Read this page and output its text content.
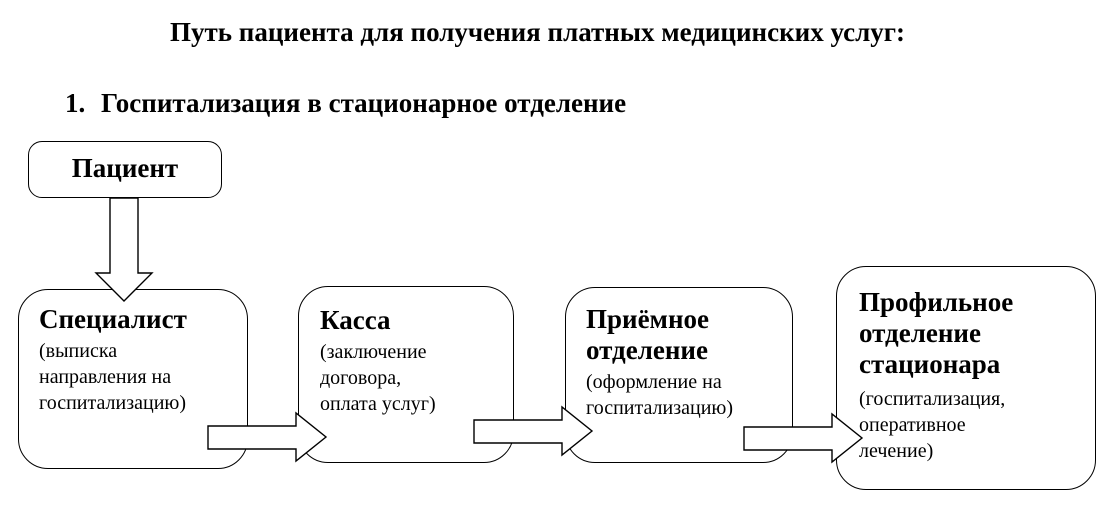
Путь пациента для получения платных медицинских услуг:
1. Госпитализация в стационарное отделение
Пациент
Специалист
(выписка
направления на
госпитализацию)
Касса
(заключение
договора,
оплата услуг)
Приёмное
отделение
(оформление на
госпитализацию)
Профильное
отделение
стационара
(госпитализация,
оперативное
лечение)
